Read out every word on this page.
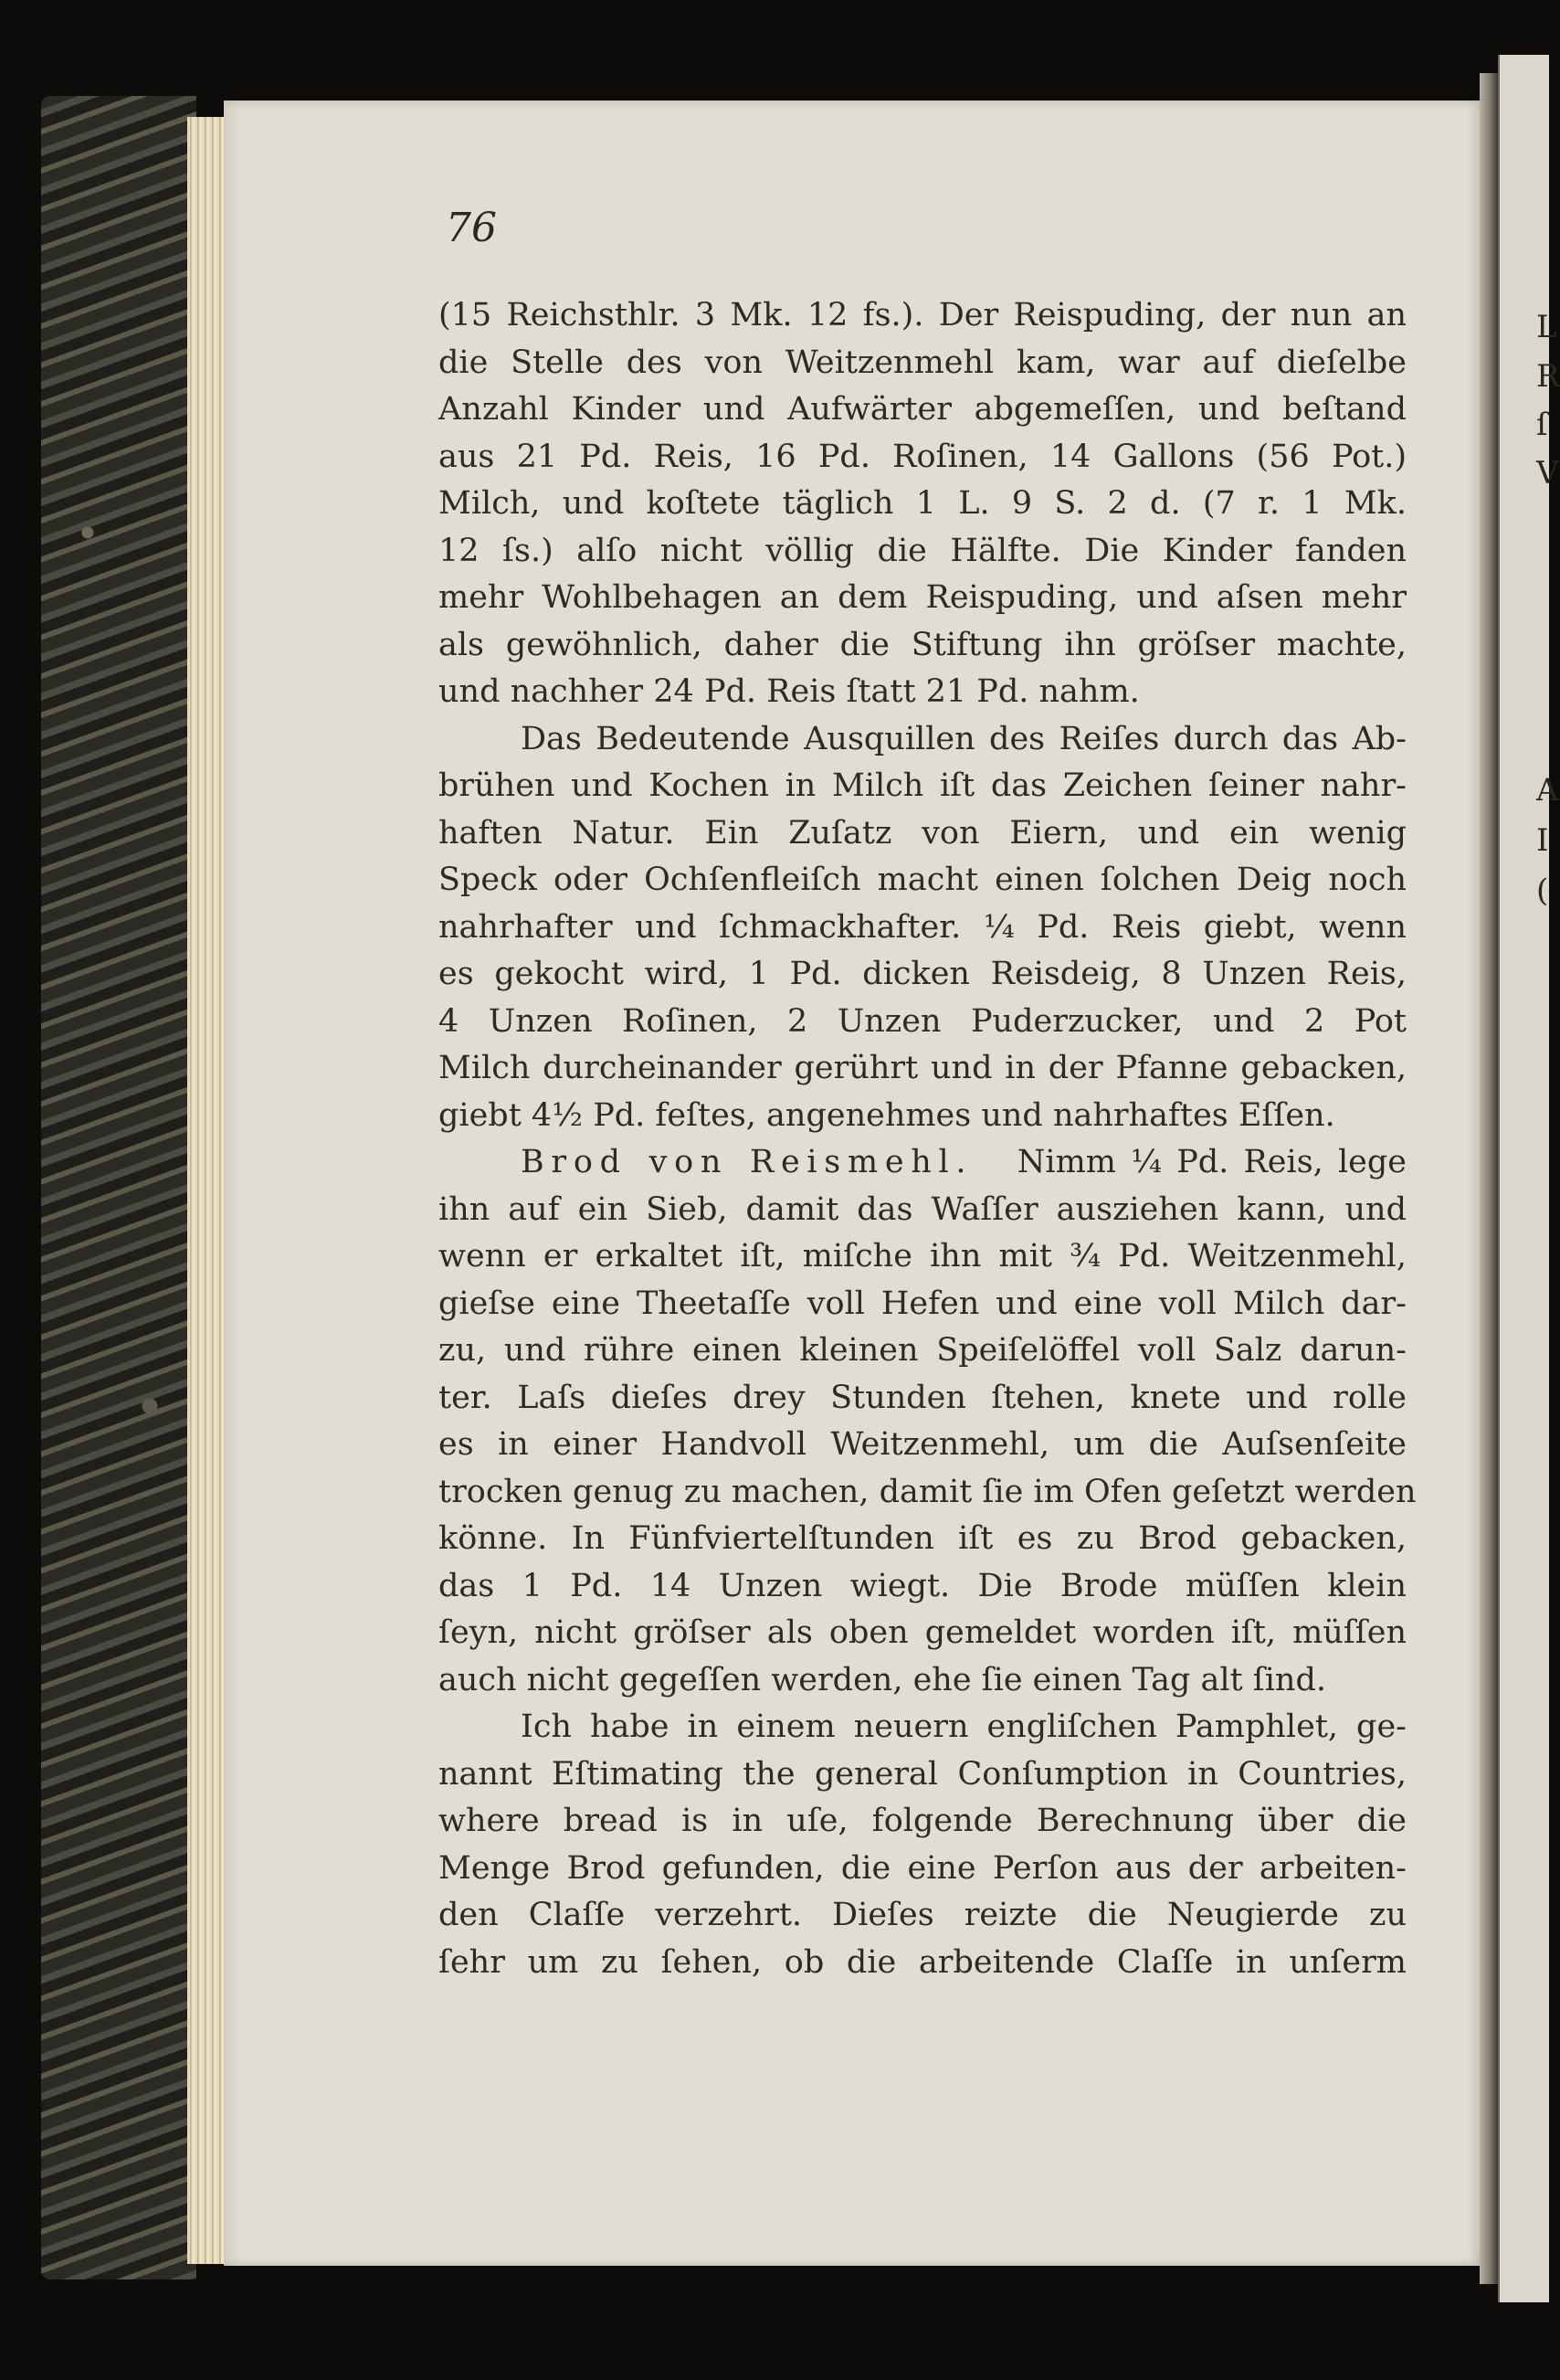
L
R
ſ
V
I
(
A
76
(15 Reichsthlr. 3 Mk. 12 fs.). Der Reispuding, der nun an
die Stelle des von Weitzenmehl kam, war auf dieſelbe
Anzahl Kinder und Aufwärter abgemeſſen, und beſtand
aus 21 Pd. Reis, 16 Pd. Roſinen, 14 Gallons (56 Pot.)
Milch, und koſtete täglich 1 L. 9 S. 2 d. (7 r. 1 Mk.
12 ſs.) alſo nicht völlig die Hälfte. Die Kinder fanden
mehr Wohlbehagen an dem Reispuding, und aſsen mehr
als gewöhnlich, daher die Stiftung ihn gröſser machte,
und nachher 24 Pd. Reis ſtatt 21 Pd. nahm.
Das Bedeutende Ausquillen des Reiſes durch das Ab-
brühen und Kochen in Milch iſt das Zeichen ſeiner nahr-
haften Natur. Ein Zuſatz von Eiern, und ein wenig
Speck oder Ochſenfleiſch macht einen ſolchen Deig noch
nahrhafter und ſchmackhafter. ¼ Pd. Reis giebt, wenn
es gekocht wird, 1 Pd. dicken Reisdeig, 8 Unzen Reis,
4 Unzen Roſinen, 2 Unzen Puderzucker, und 2 Pot
Milch durcheinander gerührt und in der Pfanne gebacken,
giebt 4½ Pd. feſtes, angenehmes und nahrhaftes Eſſen.
Brod von Reismehl. Nimm ¼ Pd. Reis, lege
ihn auf ein Sieb, damit das Waſſer ausziehen kann, und
wenn er erkaltet iſt, miſche ihn mit ¾ Pd. Weitzenmehl,
gieſse eine Theetaſſe voll Hefen und eine voll Milch dar-
zu, und rühre einen kleinen Speiſelöffel voll Salz darun-
ter. Laſs dieſes drey Stunden ſtehen, knete und rolle
es in einer Handvoll Weitzenmehl, um die Auſsenſeite
trocken genug zu machen, damit ſie im Ofen geſetzt werden
könne. In Fünfviertelſtunden iſt es zu Brod gebacken,
das 1 Pd. 14 Unzen wiegt. Die Brode müſſen klein
ſeyn, nicht gröſser als oben gemeldet worden iſt, müſſen
auch nicht gegeſſen werden, ehe ſie einen Tag alt ſind.
Ich habe in einem neuern engliſchen Pamphlet, ge-
nannt Eſtimating the general Conſumption in Countries,
where bread is in uſe, folgende Berechnung über die
Menge Brod gefunden, die eine Perſon aus der arbeiten-
den Claſſe verzehrt. Dieſes reizte die Neugierde zu
ſehr um zu ſehen, ob die arbeitende Claſſe in unſerm
